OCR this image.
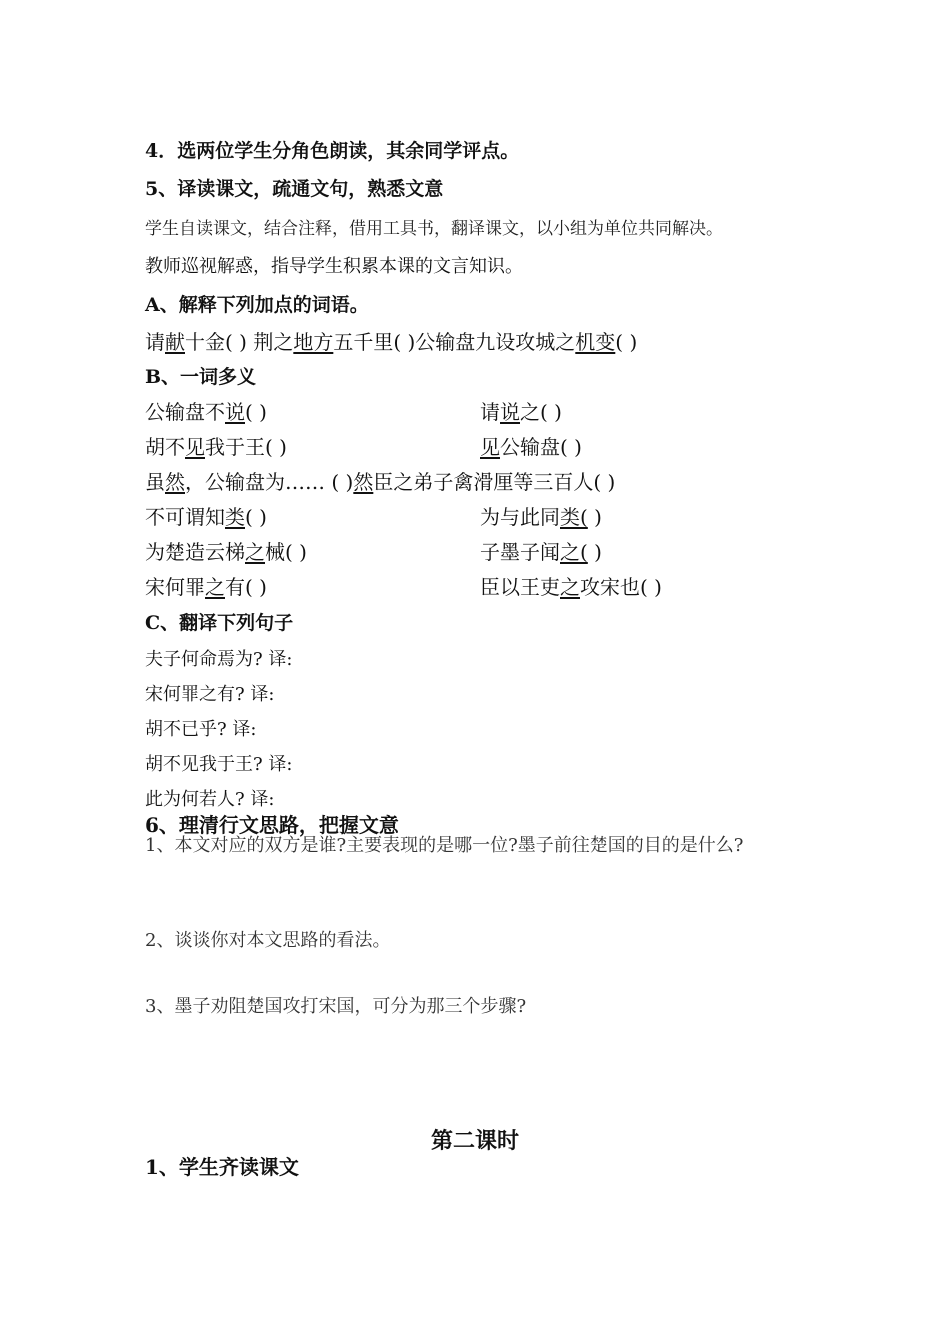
4．选两位学生分角色朗读，其余同学评点。
5、译读课文，疏通文句，熟悉文意
学生自读课文，结合注释，借用工具书，翻译课文，以小组为单位共同解决。
教师巡视解惑，指导学生积累本课的文言知识。
A、解释下列加点的词语。
请献十金( ) 荆之地方五千里( )公输盘九设攻城之机变( )
B、一词多义
公输盘不说( )	请说之( )
胡不见我于王( )	见公输盘( )
虽然，公输盘为…… ( )然臣之弟子禽滑厘等三百人( )
不可谓知类( )	为与此同类( )
为楚造云梯之械( )	子墨子闻之( )
宋何罪之有( )	臣以王吏之攻宋也( )
C、翻译下列句子
夫子何命焉为? 译:
宋何罪之有? 译:
胡不已乎? 译:
胡不见我于王? 译:
此为何若人? 译:
6、理清行文思路，把握文意
1、本文对应的双方是谁?主要表现的是哪一位?墨子前往楚国的目的是什么?
2、谈谈你对本文思路的看法。
3、墨子劝阻楚国攻打宋国，可分为那三个步骤?
第二课时
1、学生齐读课文
